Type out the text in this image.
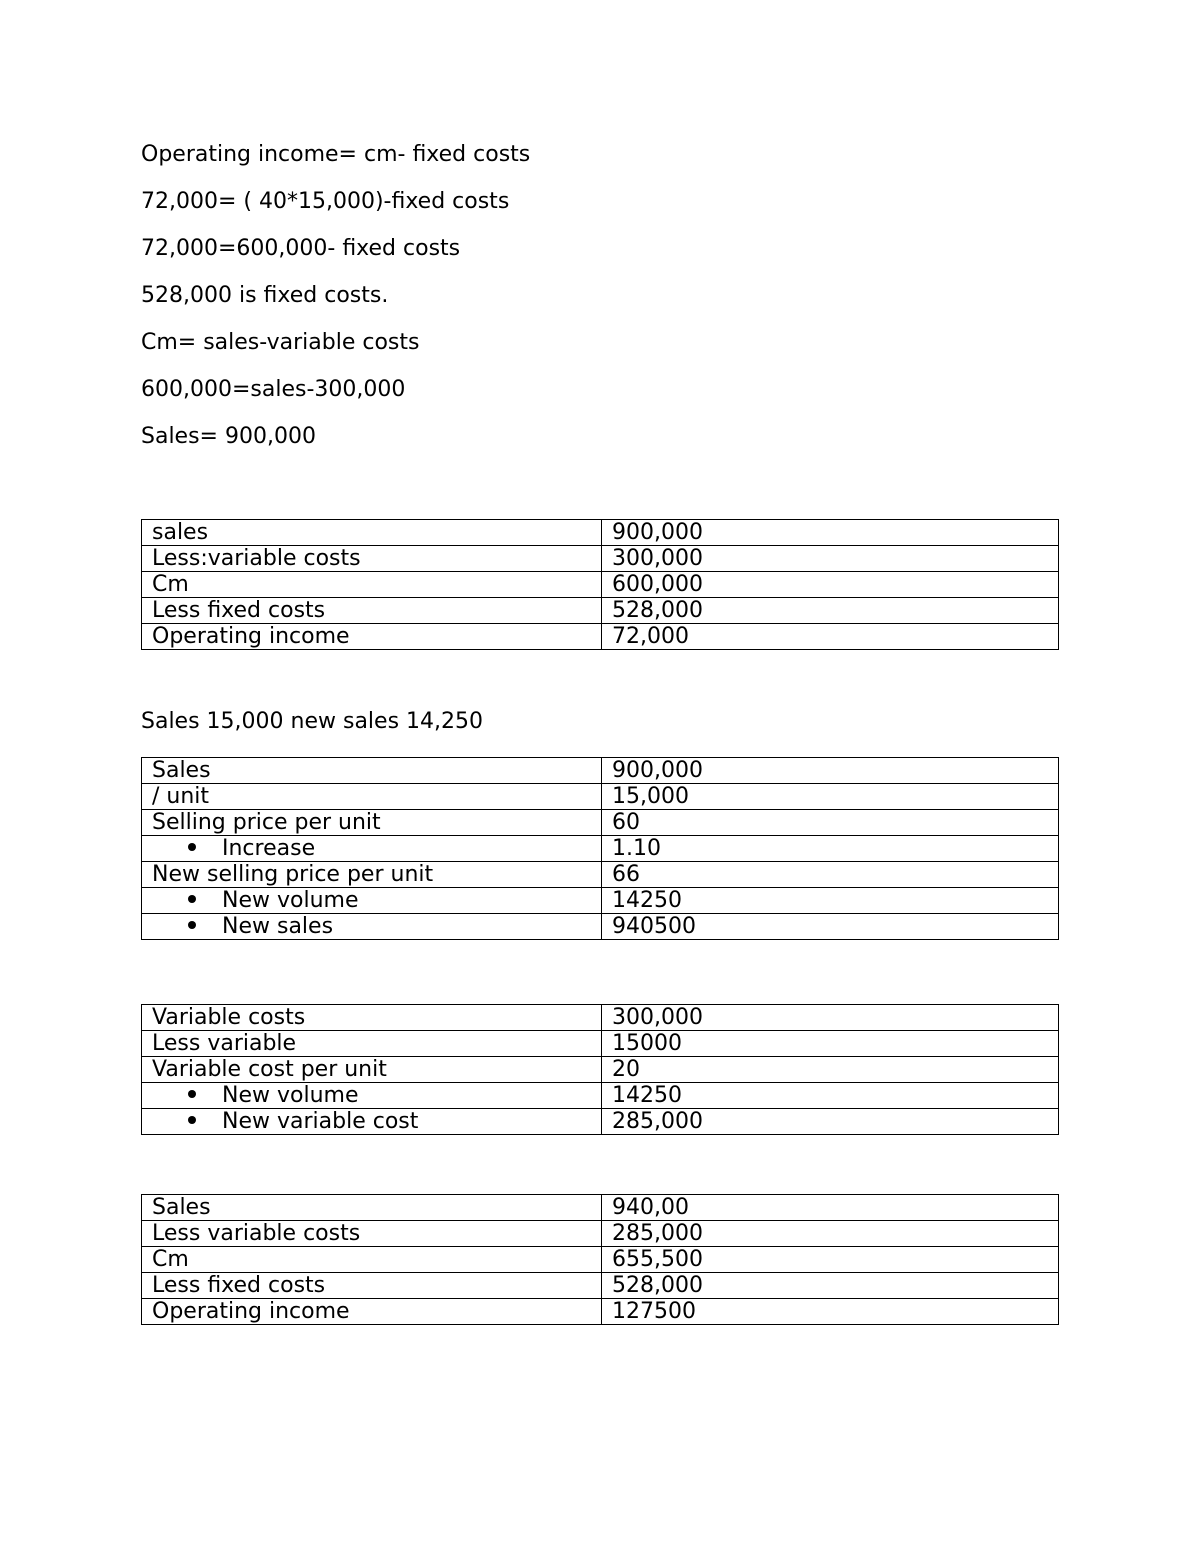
Operating income= cm- fixed costs
72,000= ( 40*15,000)-fixed costs
72,000=600,000- fixed costs
528,000 is fixed costs.
Cm= sales-variable costs
600,000=sales-300,000
Sales= 900,000
sales	900,000
Less:variable costs	300,000
Cm	600,000
Less fixed costs	528,000
Operating income	72,000
Sales 15,000 new sales 14,250
Sales	900,000
/ unit	15,000
Selling price per unit	60
Increase	1.10
New selling price per unit	66
New volume	14250
New sales	940500
Variable costs	300,000
Less variable	15000
Variable cost per unit	20
New volume	14250
New variable cost	285,000
Sales	940,00
Less variable costs	285,000
Cm	655,500
Less fixed costs	528,000
Operating income	127500
